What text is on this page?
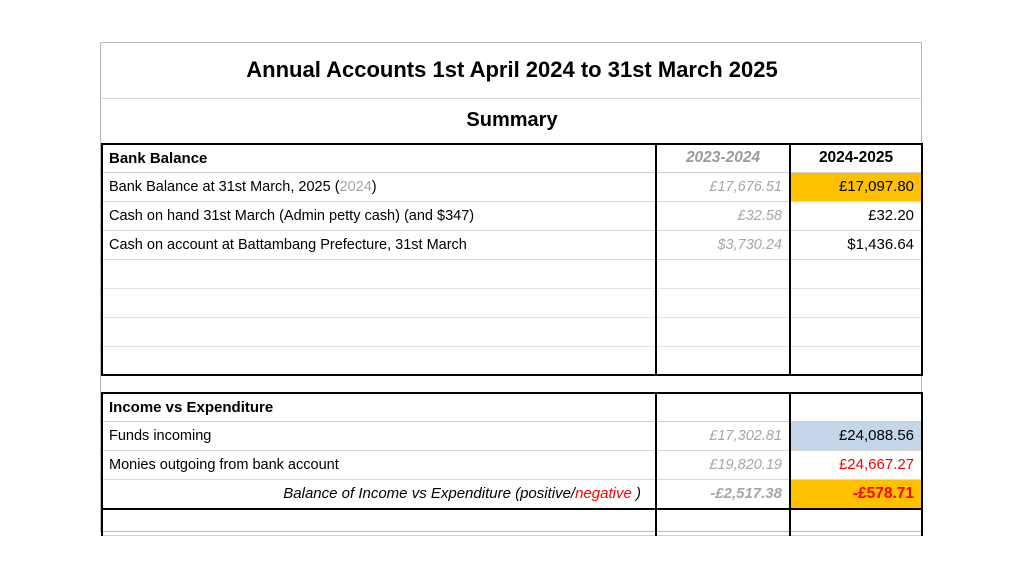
Annual Accounts 1st April 2024 to 31st March 2025		
Summary		
Bank Balance	2023-2024	2024-2025
Bank Balance at 31st March, 2025 (2024)	£17,676.51	£17,097.80
Cash on hand 31st March (Admin petty cash) (and $347)	£32.58	£32.20
Cash on account at Battambang Prefecture, 31st March	$3,730.24	$1,436.64

Income vs Expenditure		
Funds incoming	£17,302.81	£24,088.56
Monies outgoing from bank account	£19,820.19	£24,667.27
Balance of Income vs Expenditure (positive/negative )	-£2,517.38	-£578.71
